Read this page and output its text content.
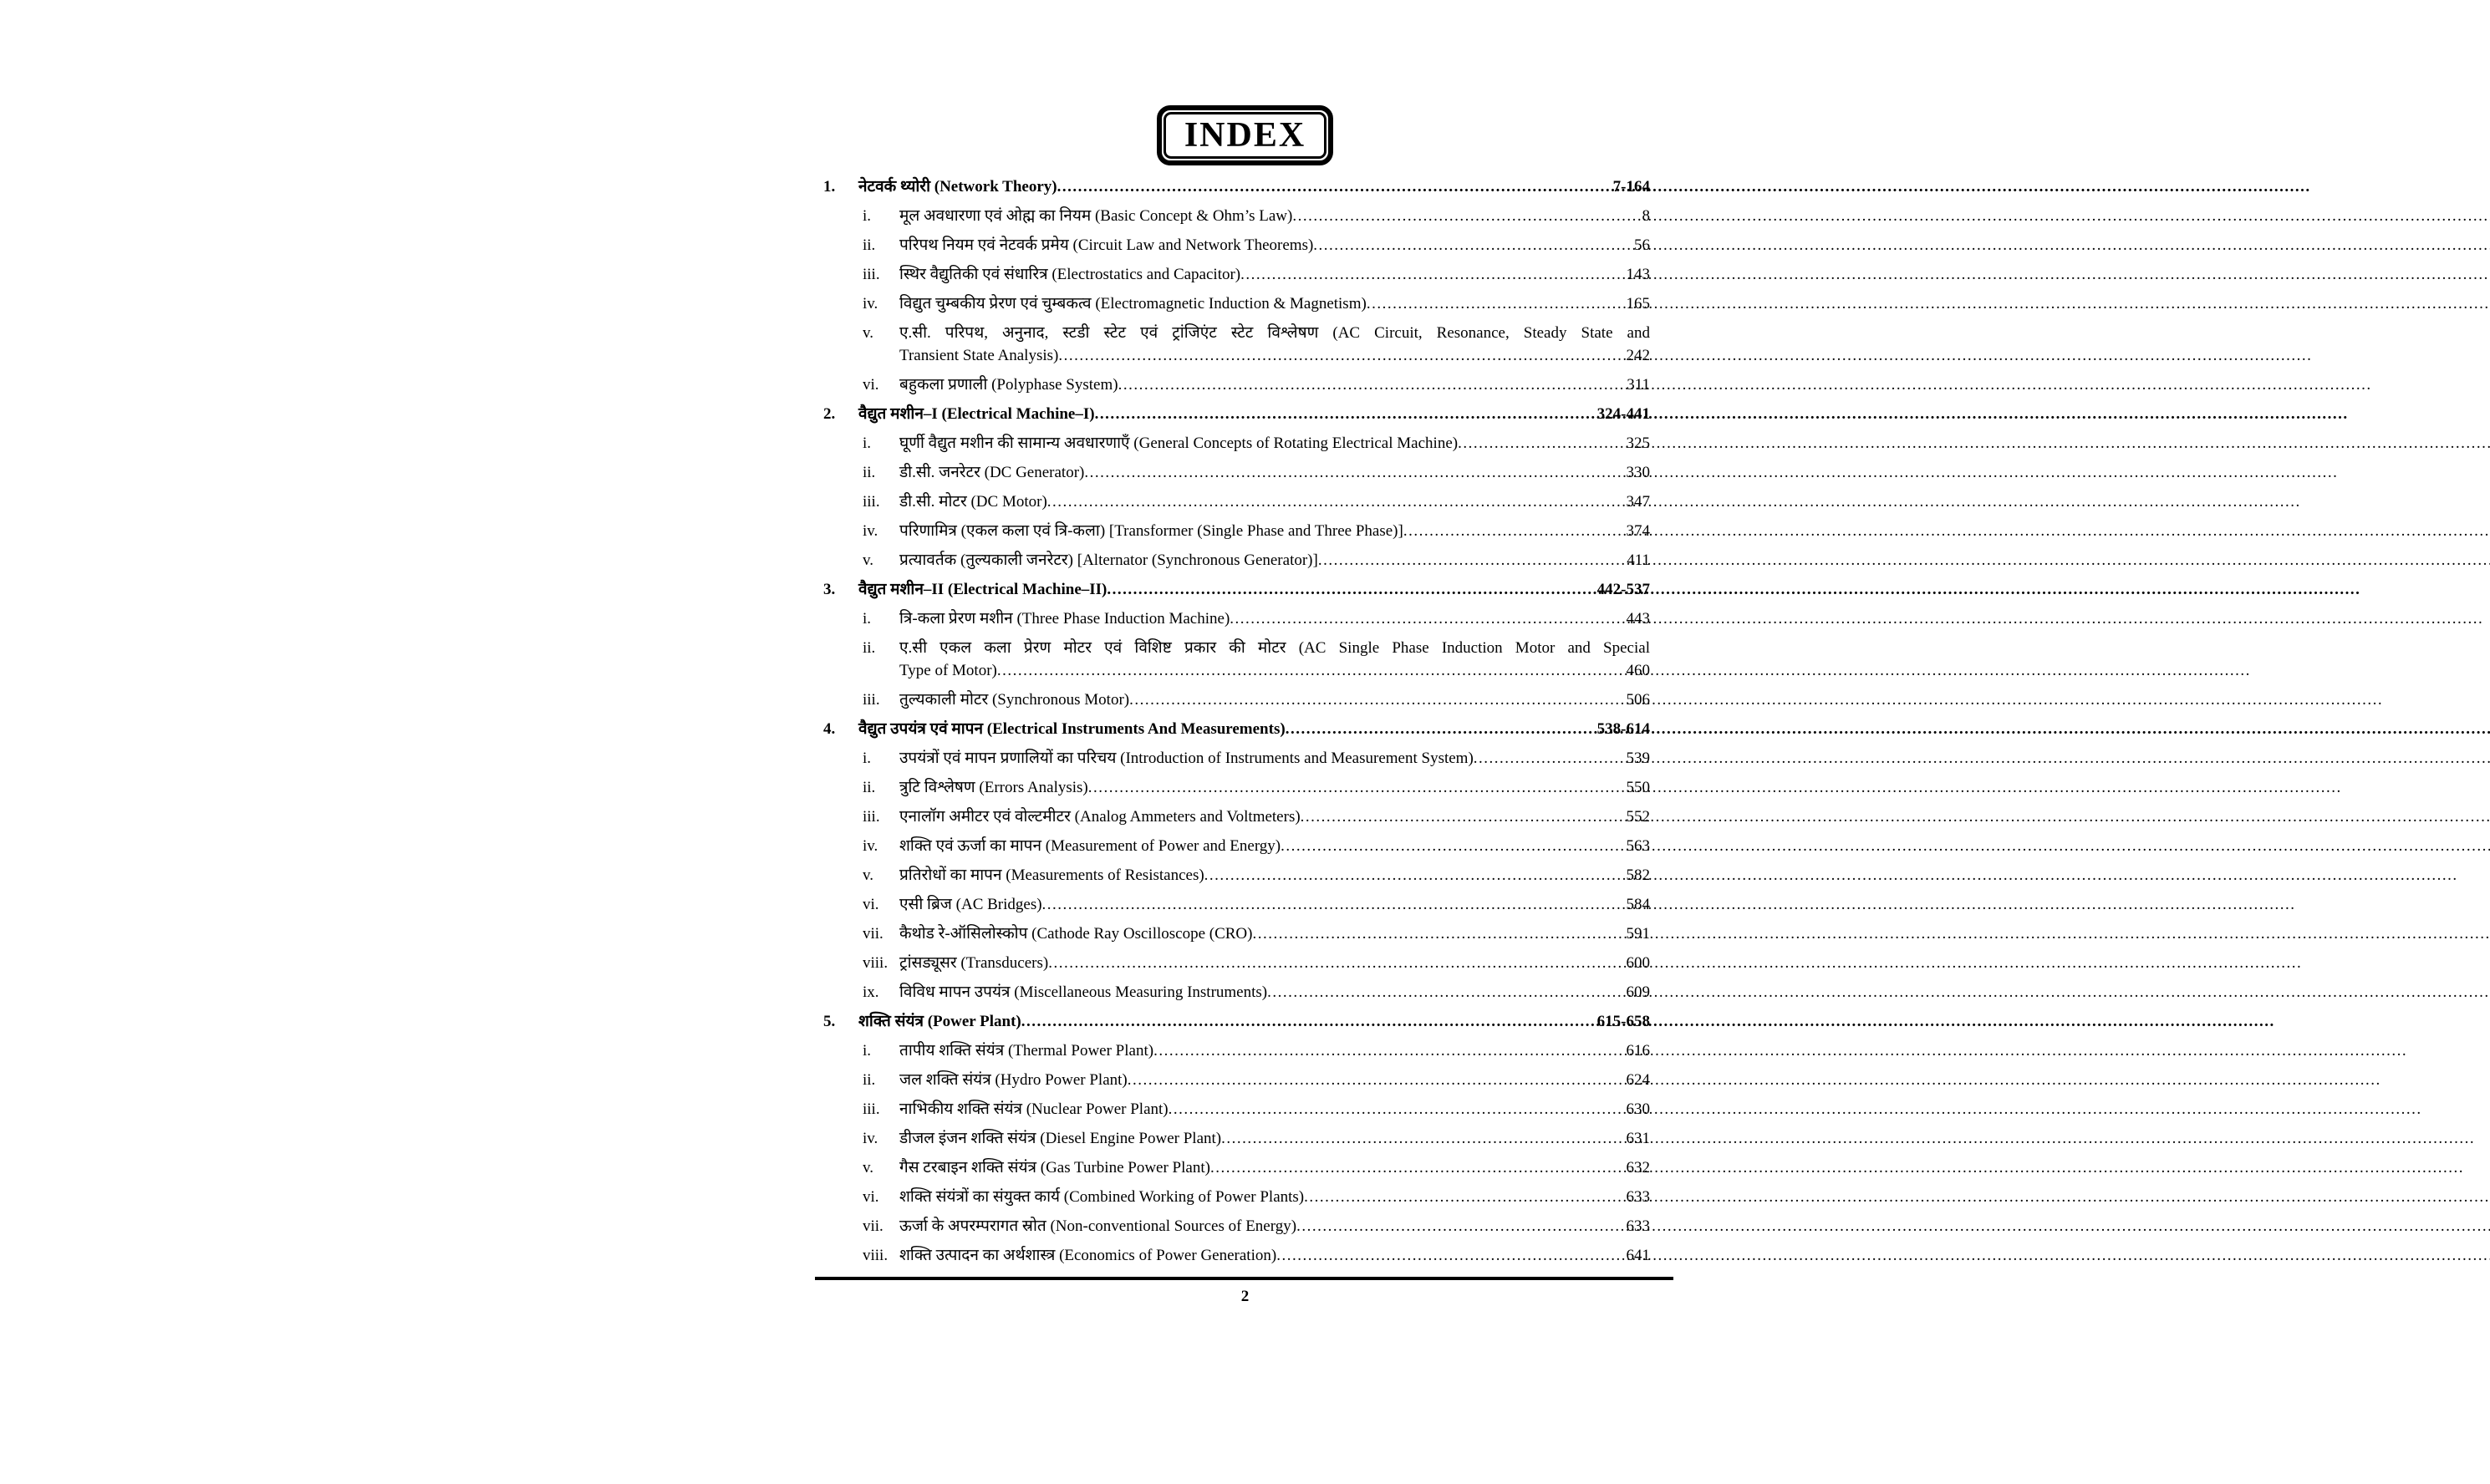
INDEX
1.	नेटवर्क थ्योरी (Network Theory) .....	7-164
i.	मूल अवधारणा एवं ओह्म का नियम (Basic Concept & Ohm’s Law) .....	8
ii.	परिपथ नियम एवं नेटवर्क प्रमेय (Circuit Law and Network Theorems) .....	56
iii.	स्थिर वैद्युतिकी एवं संधारित्र (Electrostatics and Capacitor) .....	143
iv.	विद्युत चुम्बकीय प्रेरण एवं चुम्बकत्व (Electromagnetic Induction & Magnetism) .....	165
v.	ए.सी. परिपथ, अनुनाद, स्टडी स्टेट एवं ट्रांजिएंट स्टेट विश्लेषण (AC Circuit, Resonance, Steady State and
Transient State Analysis) .....	242
vi.	बहुकला प्रणाली (Polyphase System) .....	311
2.	वैद्युत मशीन–I (Electrical Machine–I) .....	324-441
i.	घूर्णी वैद्युत मशीन की सामान्य अवधारणाएँ (General Concepts of Rotating Electrical Machine) .....	325
ii.	डी.सी. जनरेटर (DC Generator) .....	330
iii.	डी.सी. मोटर (DC Motor) .....	347
iv.	परिणामित्र (एकल कला एवं त्रि-कला) [Transformer (Single Phase and Three Phase)] .....	374
v.	प्रत्यावर्तक (तुल्यकाली जनरेटर) [Alternator (Synchronous Generator)] .....	411
3.	वैद्युत मशीन–II (Electrical Machine–II) .....	442-537
i.	त्रि-कला प्रेरण मशीन (Three Phase Induction Machine) .....	443
ii.	ए.सी एकल कला प्रेरण मोटर एवं विशिष्ट प्रकार की मोटर (AC Single Phase Induction Motor and Special
Type of Motor) .....	460
iii.	तुल्यकाली मोटर (Synchronous Motor) .....	506
4.	वैद्युत उपयंत्र एवं मापन (Electrical Instruments And Measurements) .....	538-614
i.	उपयंत्रों एवं मापन प्रणालियों का परिचय (Introduction of Instruments and Measurement System) .....	539
ii.	त्रुटि विश्लेषण (Errors Analysis) .....	550
iii.	एनालॉग अमीटर एवं वोल्टमीटर (Analog Ammeters and Voltmeters) .....	552
iv.	शक्ति एवं ऊर्जा का मापन (Measurement of Power and Energy) .....	563
v.	प्रतिरोधों का मापन (Measurements of Resistances) .....	582
vi.	एसी ब्रिज (AC Bridges) .....	584
vii.	कैथोड रे-ऑसिलोस्कोप (Cathode Ray Oscilloscope (CRO) .....	591
viii. ट्रांसड्यूसर (Transducers) .....	600
ix.	विविध मापन उपयंत्र (Miscellaneous Measuring Instruments) .....	609
5.	शक्ति संयंत्र (Power Plant) .....	615-658
i.	तापीय शक्ति संयंत्र (Thermal Power Plant) .....	616
ii.	जल शक्ति संयंत्र (Hydro Power Plant) .....	624
iii.	नाभिकीय शक्ति संयंत्र (Nuclear Power Plant) .....	630
iv.	डीजल इंजन शक्ति संयंत्र (Diesel Engine Power Plant) .....	631
v.	गैस टरबाइन शक्ति संयंत्र (Gas Turbine Power Plant) .....	632
vi.	शक्ति संयंत्रों का संयुक्त कार्य (Combined Working of Power Plants) .....	633
vii.	ऊर्जा के अपरम्परागत स्रोत (Non-conventional Sources of Energy) .....	633
viii. शक्ति उत्पादन का अर्थशास्त्र (Economics of Power Generation) .....	641
2
